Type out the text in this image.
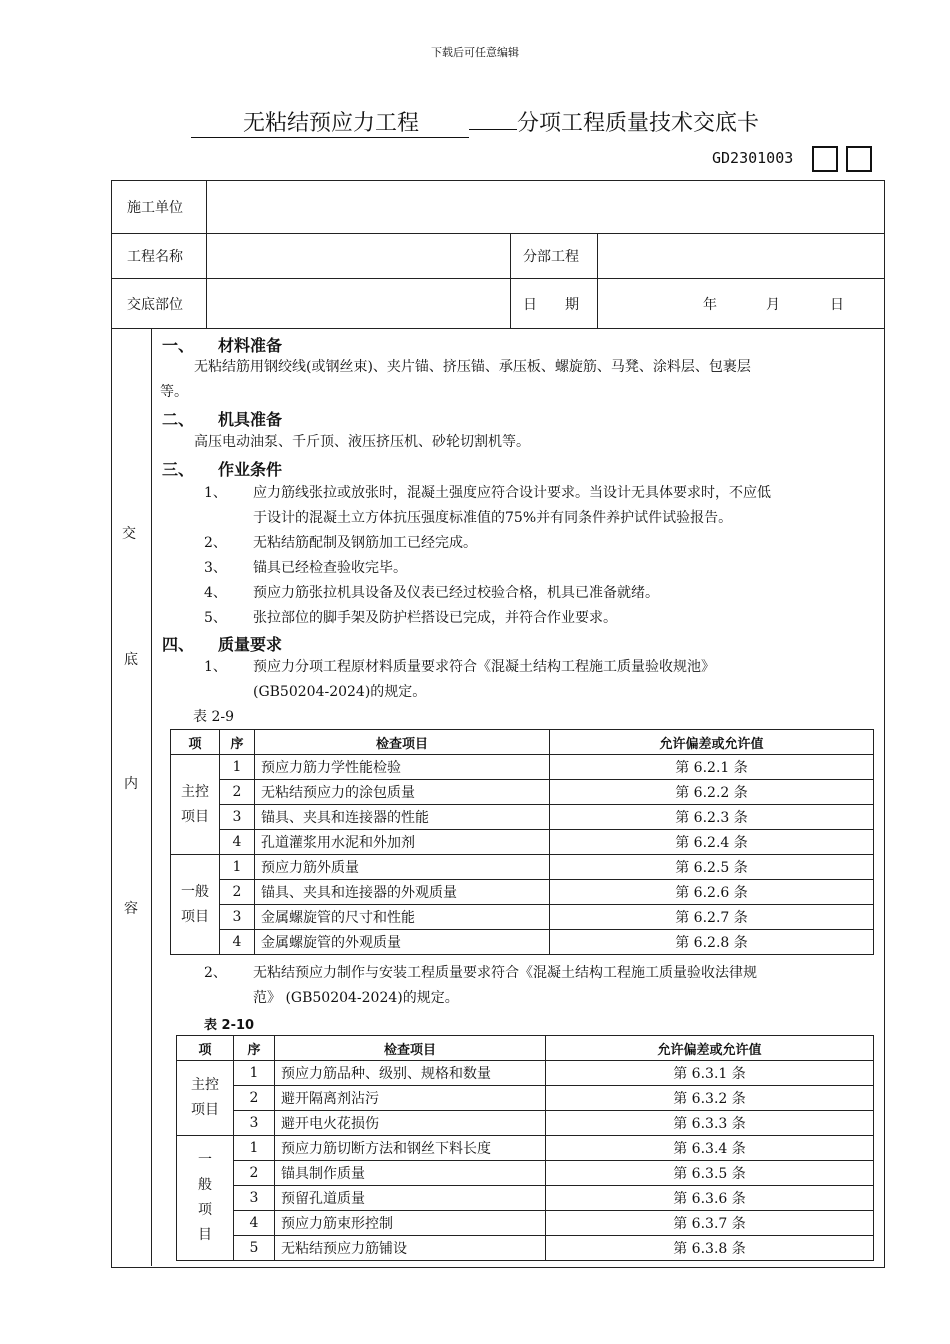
下载后可任意编辑
无粘结预应力工程	分项工程质量技术交底卡
GD2301003
施工单位
工程名称	分部工程
交底部位	日　　期	年	月	日
交
底
内
容
一、　　材料准备
无粘结筋用钢绞线(或钢丝束)、夹片锚、挤压锚、承压板、螺旋筋、马凳、涂料层、包裹层
等。
二、　　机具准备
高压电动油泵、千斤顶、液压挤压机、砂轮切割机等。
三、　　作业条件
1、 应力筋线张拉或放张时，混凝土强度应符合设计要求。当设计无具体要求时，不应低
于设计的混凝土立方体抗压强度标准值的75%并有同条件养护试件试验报告。
2、 无粘结筋配制及钢筋加工已经完成。
3、 锚具已经检查验收完毕。
4、 预应力筋张拉机具设备及仪表已经过校验合格，机具已准备就绪。
5、 张拉部位的脚手架及防护栏搭设已完成，并符合作业要求。
四、　　质量要求
1、 预应力分项工程原材料质量要求符合《混凝土结构工程施工质量验收规池》
(GB50204-2024)的规定。
表 2-9
项	序	检查项目	允许偏差或允许值
主控项目	1	预应力筋力学性能检验	第 6.2.1 条
	2	无粘结预应力的涂包质量	第 6.2.2 条
	3	锚具、夹具和连接器的性能	第 6.2.3 条
	4	孔道灌浆用水泥和外加剂	第 6.2.4 条
一般项目	1	预应力筋外质量	第 6.2.5 条
	2	锚具、夹具和连接器的外观质量	第 6.2.6 条
	3	金属螺旋管的尺寸和性能	第 6.2.7 条
	4	金属螺旋管的外观质量	第 6.2.8 条
2、 无粘结预应力制作与安装工程质量要求符合《混凝土结构工程施工质量验收法律规
范》 (GB50204-2024)的规定。
表 2-10
项	序	检查项目	允许偏差或允许值
主控项目	1	预应力筋品种、级别、规格和数量	第 6.3.1 条
	2	避开隔离剂沾污	第 6.3.2 条
	3	避开电火花损伤	第 6.3.3 条
一般项目	1	预应力筋切断方法和钢丝下料长度	第 6.3.4 条
	2	锚具制作质量	第 6.3.5 条
	3	预留孔道质量	第 6.3.6 条
	4	预应力筋束形控制	第 6.3.7 条
	5	无粘结预应力筋铺设	第 6.3.8 条
